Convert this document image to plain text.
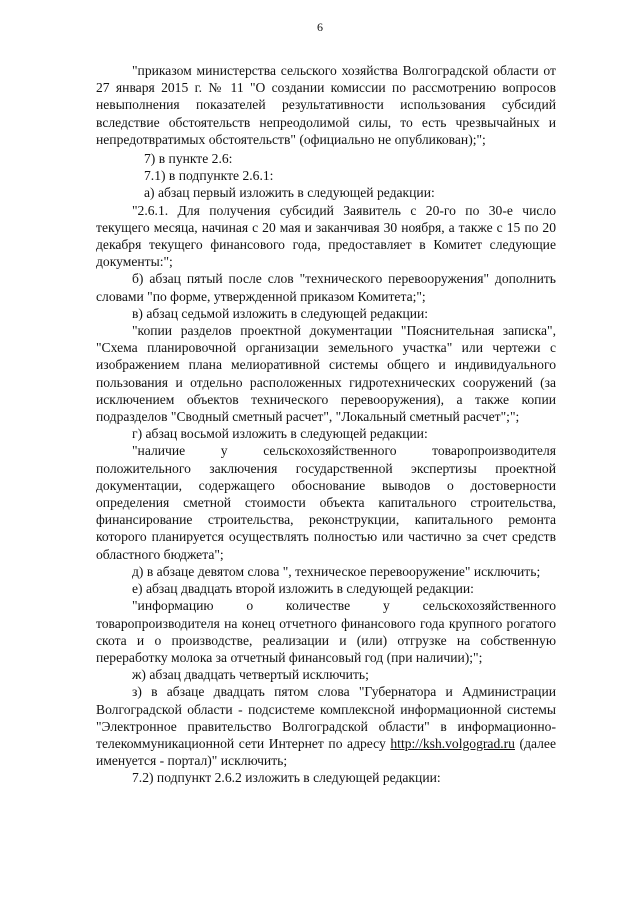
6

"приказом министерства сельского хозяйства Волгоградской области от 27 января 2015 г. № 11 "О создании комиссии по рассмотрению вопросов невыполнения показателей результативности использования субсидий вследствие обстоятельств непреодолимой силы, то есть чрезвычайных и непредотвратимых обстоятельств" (официально не опубликован);";

7) в пункте 2.6:

7.1) в подпункте 2.6.1:

а) абзац первый изложить в следующей редакции:

"2.6.1. Для получения субсидий Заявитель с 20-го по 30-е число текущего месяца, начиная с 20 мая и заканчивая 30 ноября, а также с 15 по 20 декабря текущего финансового года, предоставляет в Комитет следующие документы:";

б) абзац пятый после слов "технического перевооружения" дополнить словами "по форме, утвержденной приказом Комитета;";

в) абзац седьмой изложить в следующей редакции:

"копии разделов проектной документации "Пояснительная записка", "Схема планировочной организации земельного участка" или чертежи с изображением плана мелиоративной системы общего и индивидуального пользования и отдельно расположенных гидротехнических сооружений (за исключением объектов технического перевооружения), а также копии подразделов "Сводный сметный расчет", "Локальный сметный расчет";";

г) абзац восьмой изложить в следующей редакции:

"наличие у сельскохозяйственного товаропроизводителя положительного заключения государственной экспертизы проектной документации, содержащего обоснование выводов о достоверности определения сметной стоимости объекта капитального строительства, финансирование строительства, реконструкции, капитального ремонта которого планируется осуществлять полностью или частично за счет средств областного бюджета";

д) в абзаце девятом слова ", техническое перевооружение" исключить;

е) абзац двадцать второй изложить в следующей редакции:

"информацию о количестве у сельскохозяйственного товаропроизводителя на конец отчетного финансового года крупного рогатого скота и о производстве, реализации и (или) отгрузке на собственную переработку молока за отчетный финансовый год (при наличии);";

ж) абзац двадцать четвертый исключить;

з) в абзаце двадцать пятом слова "Губернатора и Администрации Волгоградской области - подсистеме комплексной информационной системы "Электронное правительство Волгоградской области" в информационно-телекоммуникационной сети Интернет по адресу http://ksh.volgograd.ru (далее именуется - портал)" исключить;

7.2) подпункт 2.6.2 изложить в следующей редакции:
